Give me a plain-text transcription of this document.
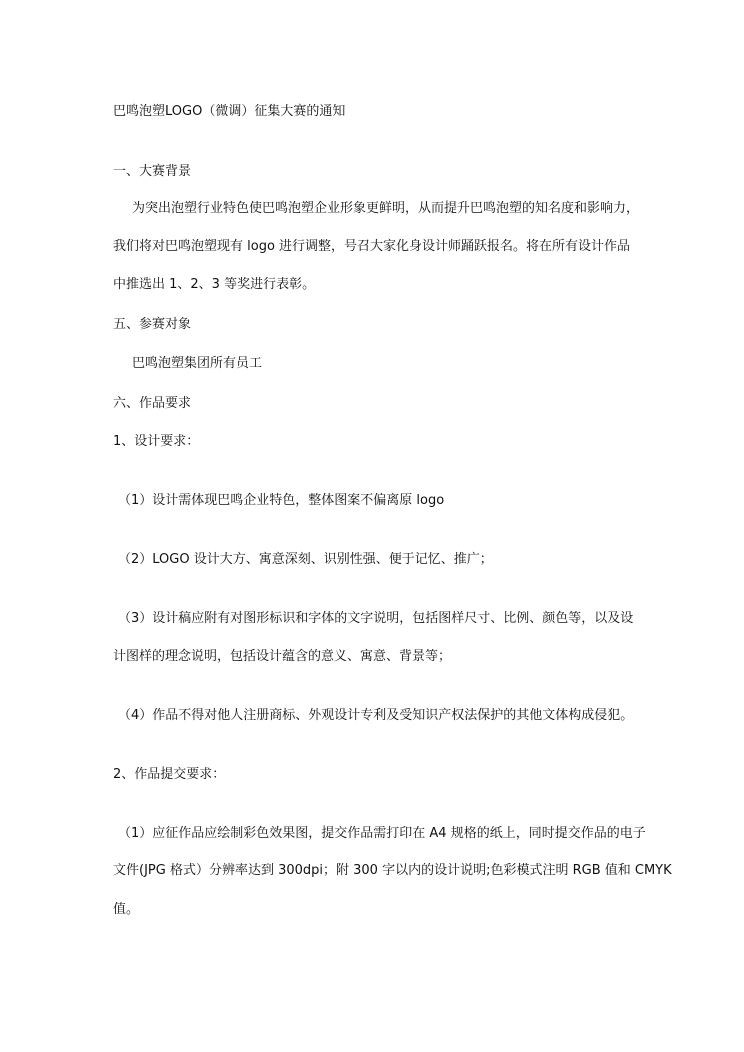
巴鸣泡塑LOGO（微调）征集大赛的通知
一、大赛背景
为突出泡塑行业特色使巴鸣泡塑企业形象更鲜明，从而提升巴鸣泡塑的知名度和影响力，
我们将对巴鸣泡塑现有 logo 进行调整，号召大家化身设计师踊跃报名。将在所有设计作品
中推选出 1、2、3 等奖进行表彰。
五、参赛对象
巴鸣泡塑集团所有员工
六、作品要求
1、设计要求：
（1）设计需体现巴鸣企业特色，整体图案不偏离原 logo
（2）LOGO 设计大方、寓意深刻、识别性强、便于记忆、推广；
（3）设计稿应附有对图形标识和字体的文字说明，包括图样尺寸、比例、颜色等，以及设
计图样的理念说明，包括设计蕴含的意义、寓意、背景等；
（4）作品不得对他人注册商标、外观设计专利及受知识产权法保护的其他文体构成侵犯。
2、作品提交要求：
（1）应征作品应绘制彩色效果图，提交作品需打印在 A4 规格的纸上，同时提交作品的电子
文件(JPG 格式）分辨率达到 300dpi；附 300 字以内的设计说明;色彩模式注明 RGB 值和 CMYK
值。
